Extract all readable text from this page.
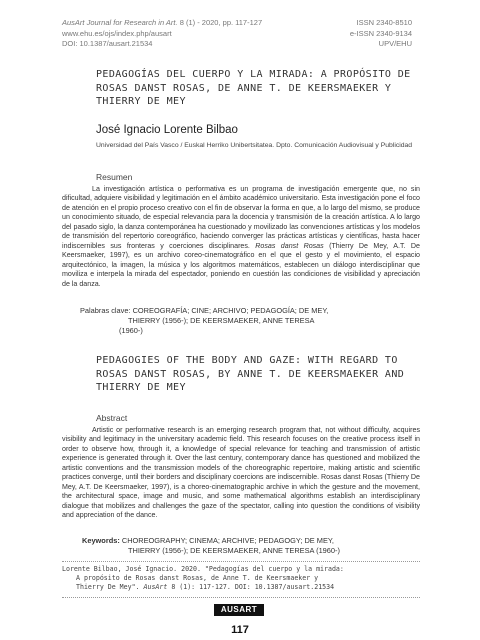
AusArt Journal for Research in Art. 8 (1) - 2020, pp. 117-127
www.ehu.es/ojs/index.php/ausart
DOI: 10.1387/ausart.21534
ISSN 2340-8510
e-ISSN 2340-9134
UPV/EHU
PEDAGOGÍAS DEL CUERPO Y LA MIRADA: A PROPÓSITO DE ROSAS DANST ROSAS, DE ANNE T. DE KEERSMAEKER Y THIERRY DE MEY
José Ignacio Lorente Bilbao
Universidad del País Vasco / Euskal Herriko Unibertsitatea. Dpto. Comunicación Audiovisual y Publicidad
Resumen
La investigación artística o performativa es un programa de investigación emergente que, no sin dificultad, adquiere visibilidad y legitimación en el ámbito académico universitario. Esta investigación pone el foco de atención en el propio proceso creativo con el fin de observar la forma en que, a lo largo del mismo, se produce un conocimiento situado, de especial relevancia para la docencia y transmisión de la creación artística. A lo largo del pasado siglo, la danza contemporánea ha cuestionado y movilizado las convenciones artísticas y los modelos de transmisión del repertorio coreográfico, haciendo converger las prácticas artísticas y científicas, hasta hacer indiscernibles sus fronteras y coerciones disciplinares. Rosas danst Rosas (Thierry De Mey, A.T. De Keersmaeker, 1997), es un archivo coreo-cinematográfico en el que el gesto y el movimiento, el espacio arquitectónico, la imagen, la música y los algoritmos matemáticos, establecen un diálogo interdisciplinar que moviliza e interpela la mirada del espectador, poniendo en cuestión las condiciones de visibilidad y apreciación de la danza.
Palabras clave: COREOGRAFÍA; CINE; ARCHIVO; PEDAGOGÍA; DE MEY,
THIERRY (1956-); DE KEERSMAEKER, ANNE TERESA
(1960-)
PEDAGOGIES OF THE BODY AND GAZE: WITH REGARD TO ROSAS DANST ROSAS, BY ANNE T. DE KEERSMAEKER AND THIERRY DE MEY
Abstract
Artistic or performative research is an emerging research program that, not without difficulty, acquires visibility and legitimacy in the universitary academic field. This research focuses on the creative process itself in order to observe how, through it, a knowledge of special relevance for teaching and transmission of artistic experience is generated through it. Over the last century, contemporary dance has questioned and mobilized the artistic conventions and the transmission models of the choreographic repertoire, making artistic and scientific practices converge, until their borders and disciplinary coercions are indiscernible. Rosas danst Rosas (Thierry De Mey, A.T. De Keersmaeker, 1997), is a choreo-cinematographic archive in which the gesture and the movement, the architectural space, image and music, and some mathematical algorithms establish an interdisciplinary dialogue that mobilizes and challenges the gaze of the spectator, calling into question the conditions of visibility and appreciation of the dance.
Keywords: CHOREOGRAPHY; CINEMA; ARCHIVE; PEDAGOGY; DE MEY,
THIERRY (1956-); DE KEERSMAEKER, ANNE TERESA (1960-)
Lorente Bilbao, José Ignacio. 2020. "Pedagogías del cuerpo y la mirada:
A propósito de Rosas danst Rosas, de Anne T. de Keersmaeker y
Thierry De Mey". AusArt 8 (1): 117-127. DOI: 10.1387/ausart.21534
AUSART
117
